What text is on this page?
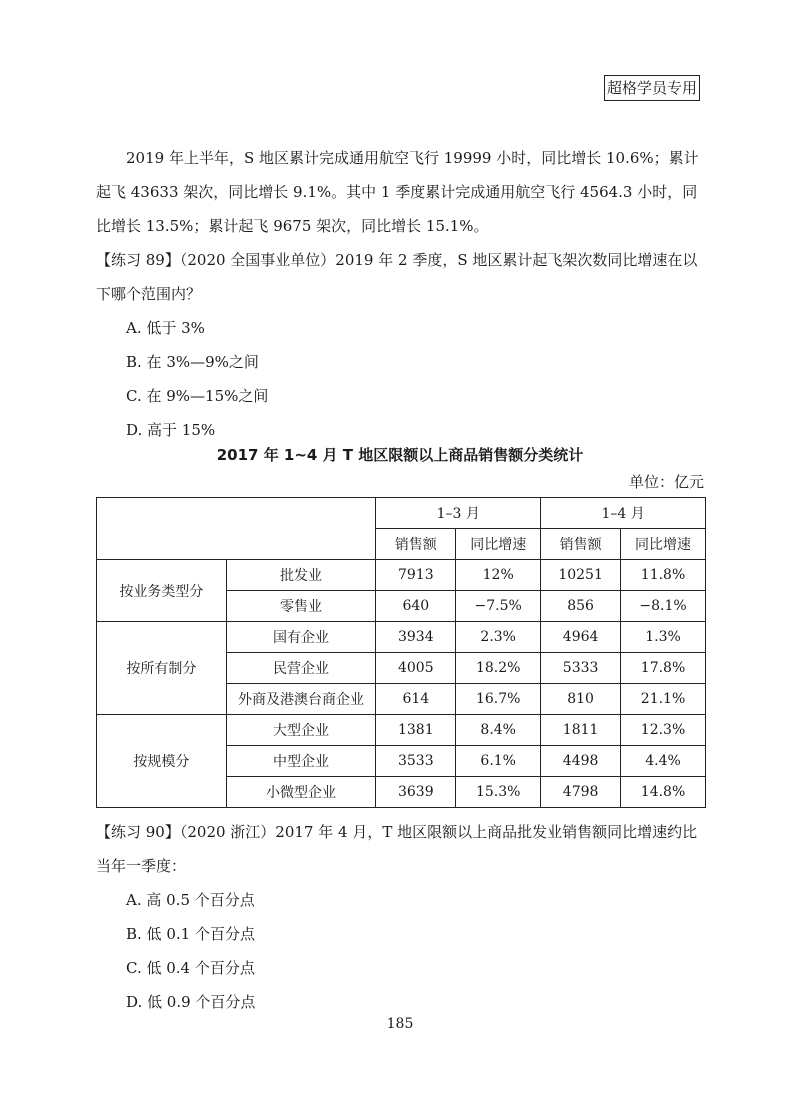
超格学员专用

2019 年上半年，S 地区累计完成通用航空飞行 19999 小时，同比增长 10.6%；累计起飞 43633 架次，同比增长 9.1%。其中 1 季度累计完成通用航空飞行 4564.3 小时，同比增长 13.5%；累计起飞 9675 架次，同比增长 15.1%。

【练习 89】（2020 全国事业单位）2019 年 2 季度，S 地区累计起飞架次数同比增速在以下哪个范围内？

A. 低于 3%
B. 在 3%—9%之间
C. 在 9%—15%之间
D. 高于 15%
2017 年 1~4 月 T 地区限额以上商品销售额分类统计
单位：亿元
		1–3 月		1–4 月	
		销售额	同比增速	销售额	同比增速
按业务类型分	批发业	7913	12%	10251	11.8%
	零售业	640	−7.5%	856	−8.1%
按所有制分	国有企业	3934	2.3%	4964	1.3%
	民营企业	4005	18.2%	5333	17.8%
	外商及港澳台商企业	614	16.7%	810	21.1%
按规模分	大型企业	1381	8.4%	1811	12.3%
	中型企业	3533	6.1%	4498	4.4%
	小微型企业	3639	15.3%	4798	14.8%

【练习 90】（2020 浙江）2017 年 4 月，T 地区限额以上商品批发业销售额同比增速约比当年一季度：

A. 高 0.5 个百分点
B. 低 0.1 个百分点
C. 低 0.4 个百分点
D. 低 0.9 个百分点
185
